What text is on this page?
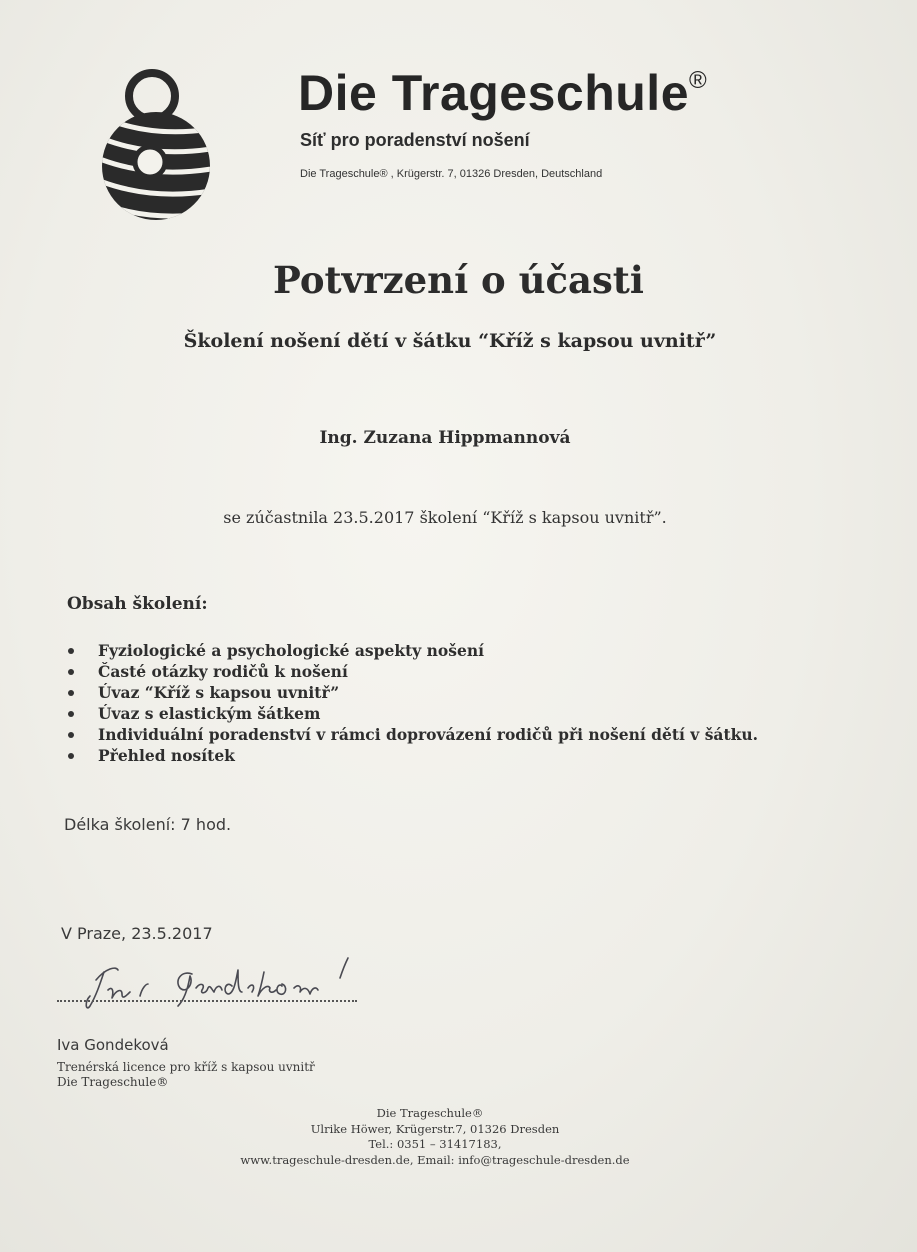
Die Trageschule®

Síť pro poradenství nošení

Die Trageschule® , Krügerstr. 7, 01326 Dresden, Deutschland

Potvrzení o účasti
Školení nošení dětí v šátku “Kříž s kapsou uvnitř”

Ing. Zuzana Hippmannová

se zúčastnila 23.5.2017 školení “Kříž s kapsou uvnitř”.

Obsah školení:

Fyziologické a psychologické aspekty nošení
Časté otázky rodičů k nošení
Úvaz “Kříž s kapsou uvnitř”
Úvaz s elastickým šátkem
Individuální poradenství v rámci doprovázení rodičů při nošení dětí v šátku.
Přehled nosítek

Délka školení: 7 hod.

V Praze, 23.5.2017

Iva Gondeková

Trenérská licence pro kříž s kapsou uvnitř

Die Trageschule®

Die Trageschule®

Ulrike Höwer, Krügerstr.7, 01326 Dresden

Tel.: 0351 – 31417183,

www.trageschule-dresden.de, Email: info@trageschule-dresden.de
